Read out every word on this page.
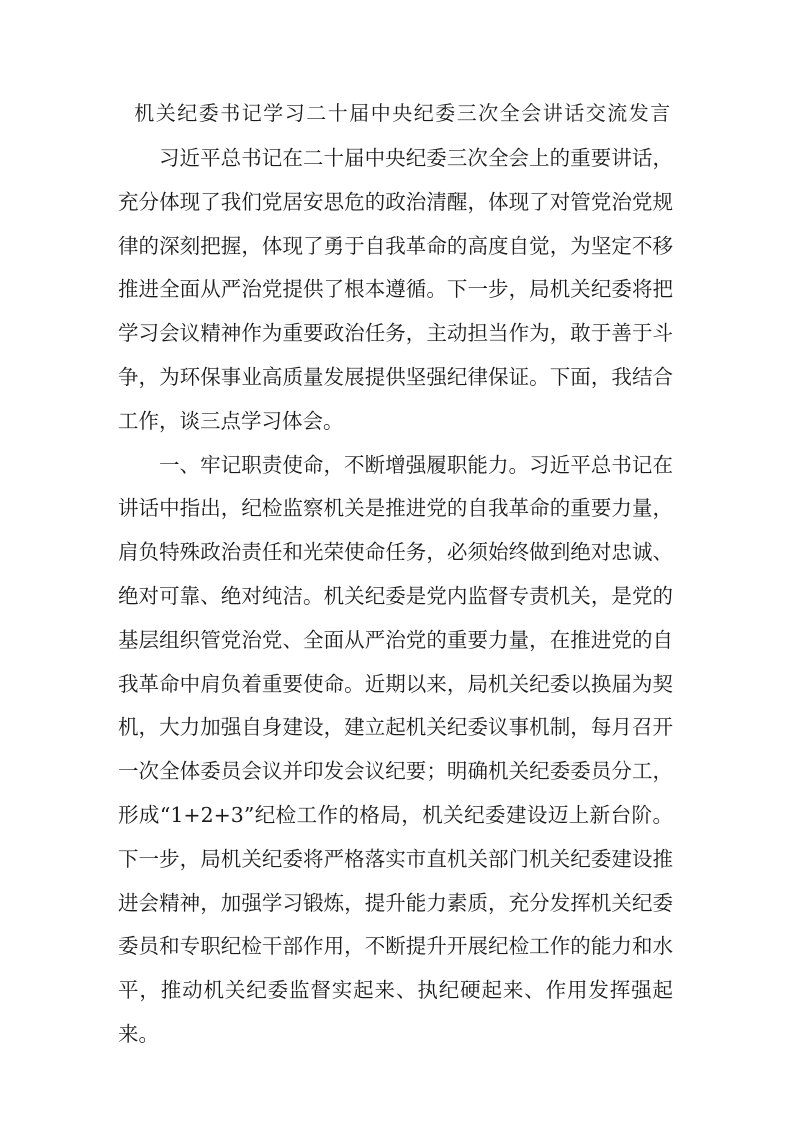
机关纪委书记学习二十届中央纪委三次全会讲话交流发言

习近平总书记在二十届中央纪委三次全会上的重要讲话，充分体现了我们党居安思危的政治清醒，体现了对管党治党规律的深刻把握，体现了勇于自我革命的高度自觉，为坚定不移推进全面从严治党提供了根本遵循。下一步，局机关纪委将把学习会议精神作为重要政治任务，主动担当作为，敢于善于斗争，为环保事业高质量发展提供坚强纪律保证。下面，我结合工作，谈三点学习体会。

一、牢记职责使命，不断增强履职能力。习近平总书记在讲话中指出，纪检监察机关是推进党的自我革命的重要力量，肩负特殊政治责任和光荣使命任务，必须始终做到绝对忠诚、绝对可靠、绝对纯洁。机关纪委是党内监督专责机关，是党的基层组织管党治党、全面从严治党的重要力量，在推进党的自我革命中肩负着重要使命。近期以来，局机关纪委以换届为契机，大力加强自身建设，建立起机关纪委议事机制，每月召开一次全体委员会议并印发会议纪要；明确机关纪委委员分工，形成“1+2+3”纪检工作的格局，机关纪委建设迈上新台阶。下一步，局机关纪委将严格落实市直机关部门机关纪委建设推进会精神，加强学习锻炼，提升能力素质，充分发挥机关纪委委员和专职纪检干部作用，不断提升开展纪检工作的能力和水平，推动机关纪委监督实起来、执纪硬起来、作用发挥强起来。
